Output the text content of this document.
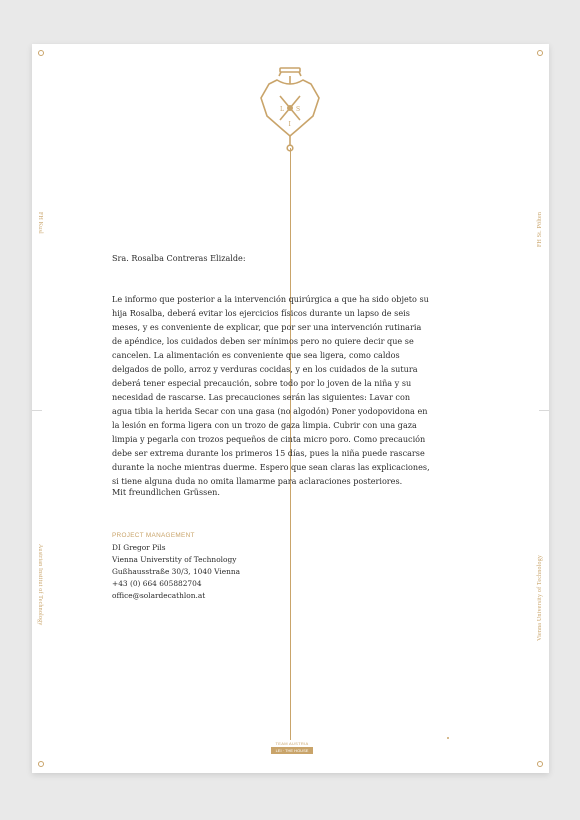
L S
I
FH Kusl
Austrian Institut of Technology
FH St. Pölten
Vienna University of Technology
Sra. Rosalba Contreras Elizalde:
Le informo que posterior a la intervención quirúrgica a que ha sido objeto su hija Rosalba, deberá evitar los ejercicios físicos durante un lapso de seis meses, y es conveniente de explicar, que por ser una intervención rutinaria de apéndice, los cuidados deben ser mínimos pero no quiere decir que se cancelen. La alimentación es conveniente que sea ligera, como caldos delgados de pollo, arroz y verduras cocidas, y en los cuidados de la sutura deberá tener especial precaución, sobre todo por lo joven de la niña y su necesidad de rascarse. Las precauciones serán las siguientes: Lavar con agua tibia la herida Secar con una gasa (no algodón) Poner yodopovidona en la lesión en forma ligera con un trozo de gaza limpia. Cubrir con una gaza limpia y pegarla con trozos pequeños de cinta micro poro. Como precaución debe ser extrema durante los primeros 15 días, pues la niña puede rascarse durante la noche mientras duerme. Espero que sean claras las explicaciones, si tiene alguna duda no omita llamarme para aclaraciones posteriores.
Mit freundlichen Grüssen.
PROJECT MANAGEMENT
DI Gregor Pils
Vienna Universtity of Technology
Gußhausstraße 30/3, 1040 Vienna
+43 (0) 664 605882704
office@solardecathlon.at
TEAM AUSTRIA
LEI · THE HOUSE
